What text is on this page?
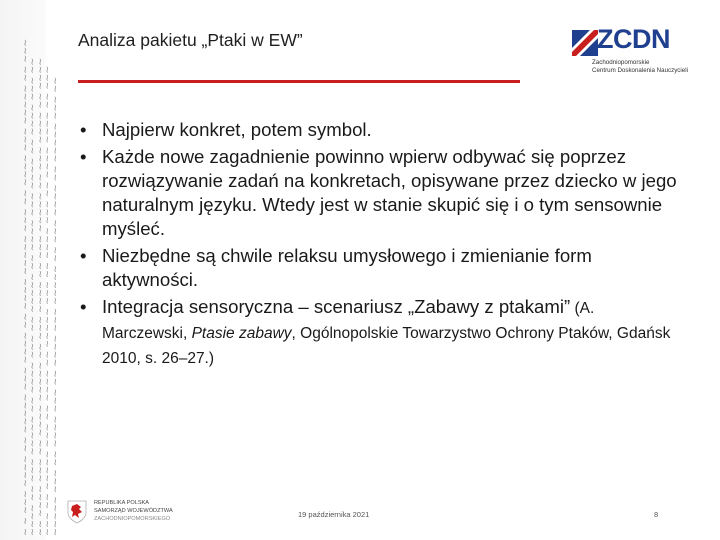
~ ~ ~~~ ~~~~ ~~ ~~~~~ ~~~ ~~~~ ~~ ~~~~ ~~~~~ ~~~ ~~ ~~~~ ~~~ ~~~~~ ~~ ~~~
~~~~ ~~ ~~~ ~~~~~ ~~ ~~~~ ~~~ ~~ ~~~~~ ~~ ~~~~ ~~~ ~~~~ ~~ ~~~~ ~~~ ~~
~~ ~~~~ ~~~ ~~ ~~~~ ~~~~~ ~~ ~~~ ~~~~ ~~ ~~~ ~~~~~ ~~ ~~~ ~~~~ ~~ ~~~~
~~~ ~~ ~~~~~ ~~~ ~~ ~~~~ ~~ ~~~~~ ~~~ ~~ ~~~~ ~~~ ~~ ~~~~ ~~~~ ~~ ~~~
~~~~~ ~~~ ~~ ~~~~ ~~~ ~~ ~~~~ ~~~ ~~~~~ ~~ ~~~ ~~~~ ~~ ~~~~~ ~~~ ~~

Analiza pakietu „Ptaki w EW”	ZCDN
Zachodniopomorskie
Centrum Doskonalenia Nauczycieli
• Najpierw konkret, potem symbol.
• Każde nowe zagadnienie powinno wpierw odbywać się poprzez rozwiązywanie zadań na konkretach, opisywane przez dziecko w jego naturalnym języku. Wtedy jest w stanie skupić się i o tym sensownie myśleć.
• Niezbędne są chwile relaksu umysłowego i zmienianie form aktywności.
• Integracja sensoryczna – scenariusz „Zabawy z ptakami” (A. Marczewski, Ptasie zabawy, Ogólnopolskie Towarzystwo Ochrony Ptaków, Gdańsk 2010, s. 26–27.)
REPUBLIKA POLSKA
SAMORZĄD WOJEWÓDZTWA
ZACHODNIOPOMORSKIEGO	19 października 2021	8
